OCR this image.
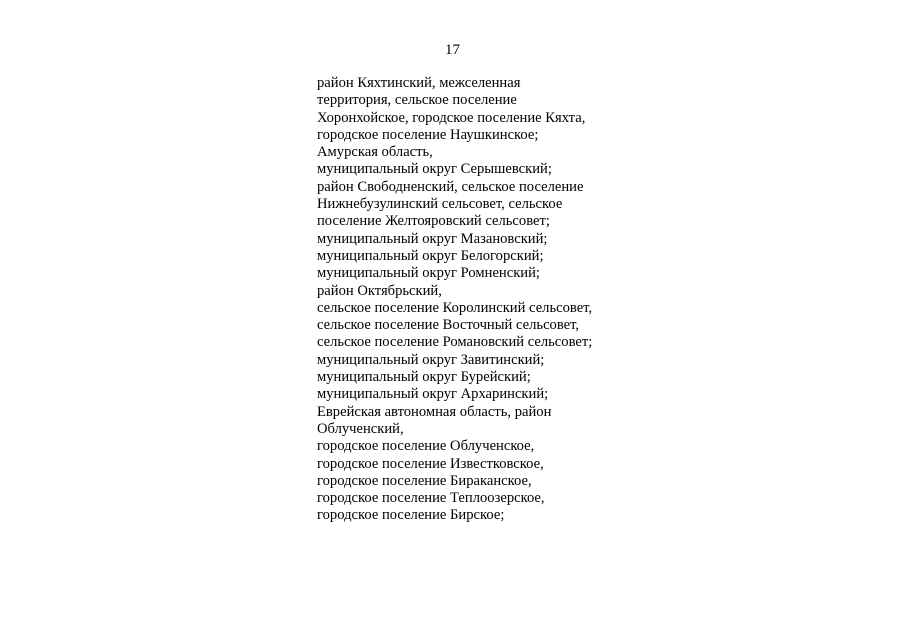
17
район Кяхтинский, межселенная
территория, сельское поселение
Хоронхойское, городское поселение Кяхта,
городское поселение Наушкинское;
Амурская область,
муниципальный округ Серышевский;
район Свободненский, сельское поселение
Нижнебузулинский сельсовет, сельское
поселение Желтояровский сельсовет;
муниципальный округ Мазановский;
муниципальный округ Белогорский;
муниципальный округ Ромненский;
район Октябрьский,
сельское поселение Королинский сельсовет,
сельское поселение Восточный сельсовет,
сельское поселение Романовский сельсовет;
муниципальный округ Завитинский;
муниципальный округ Бурейский;
муниципальный округ Архаринский;
Еврейская автономная область, район
Облученский,
городское поселение Облученское,
городское поселение Известковское,
городское поселение Бираканское,
городское поселение Теплоозерское,
городское поселение Бирское;
